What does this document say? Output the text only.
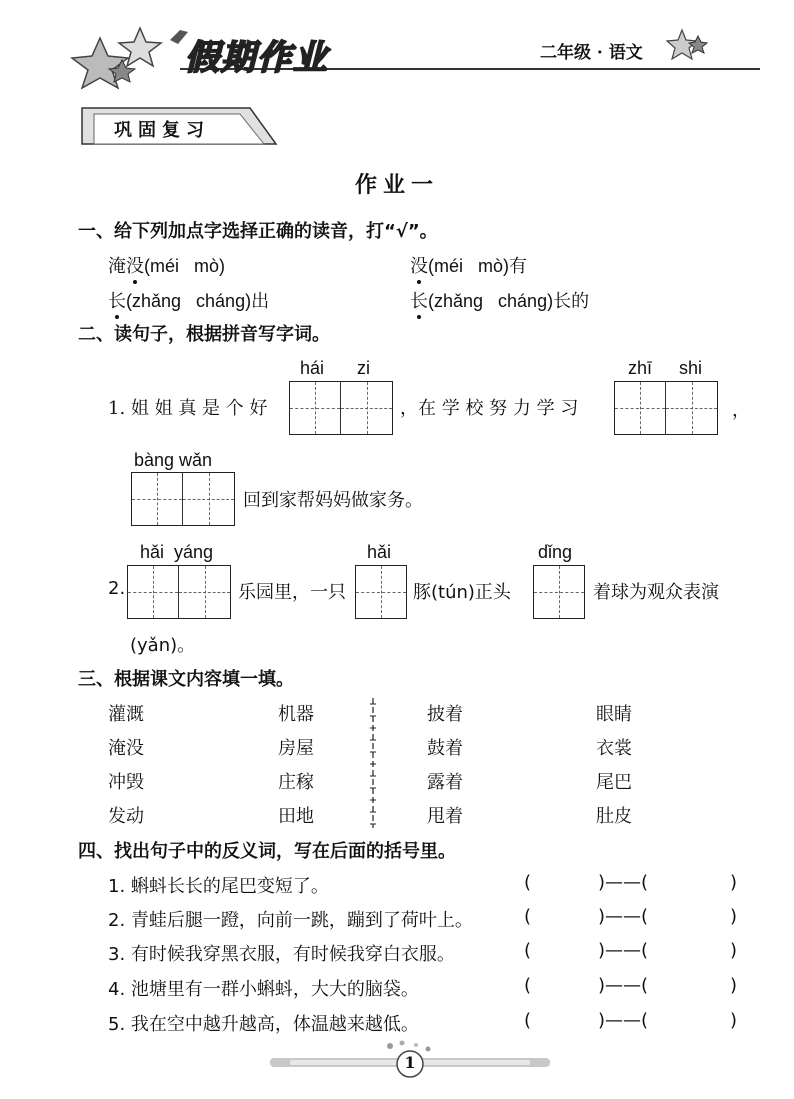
假期作业	二年级 · 语文
巩固复习
作业一
一、给下列加点字选择正确的读音，打“√”。
淹没(méi   mò)	没(méi   mò)有
长(zhǎng   cháng)出	长(zhǎng   cháng)长的
二、读句子，根据拼音写字词。
hái zi
1. 姐 姐 真 是 个 好	，在 学 校 努 力 学 习
zhī shi
，
bàng wǎn
回到家帮妈妈做家务。
2.
hǎi  yáng
乐园里，一只
hǎi
豚(tún)正头
dǐng
着球为观众表演
(yǎn)。
三、根据课文内容填一填。
灌溉	机器	披着	眼睛
淹没	房屋	鼓着	衣裳
冲毁	庄稼	露着	尾巴
发动	田地	甩着	肚皮
四、找出句子中的反义词，写在后面的括号里。
1. 蝌蚪长长的尾巴变短了。	(	)——(	)
2. 青蛙后腿一蹬，向前一跳，蹦到了荷叶上。	(	)——(	)
3. 有时候我穿黑衣服，有时候我穿白衣服。	(	)——(	)
4. 池塘里有一群小蝌蚪，大大的脑袋。	(	)——(	)
5. 我在空中越升越高，体温越来越低。	(	)——(	)
1
